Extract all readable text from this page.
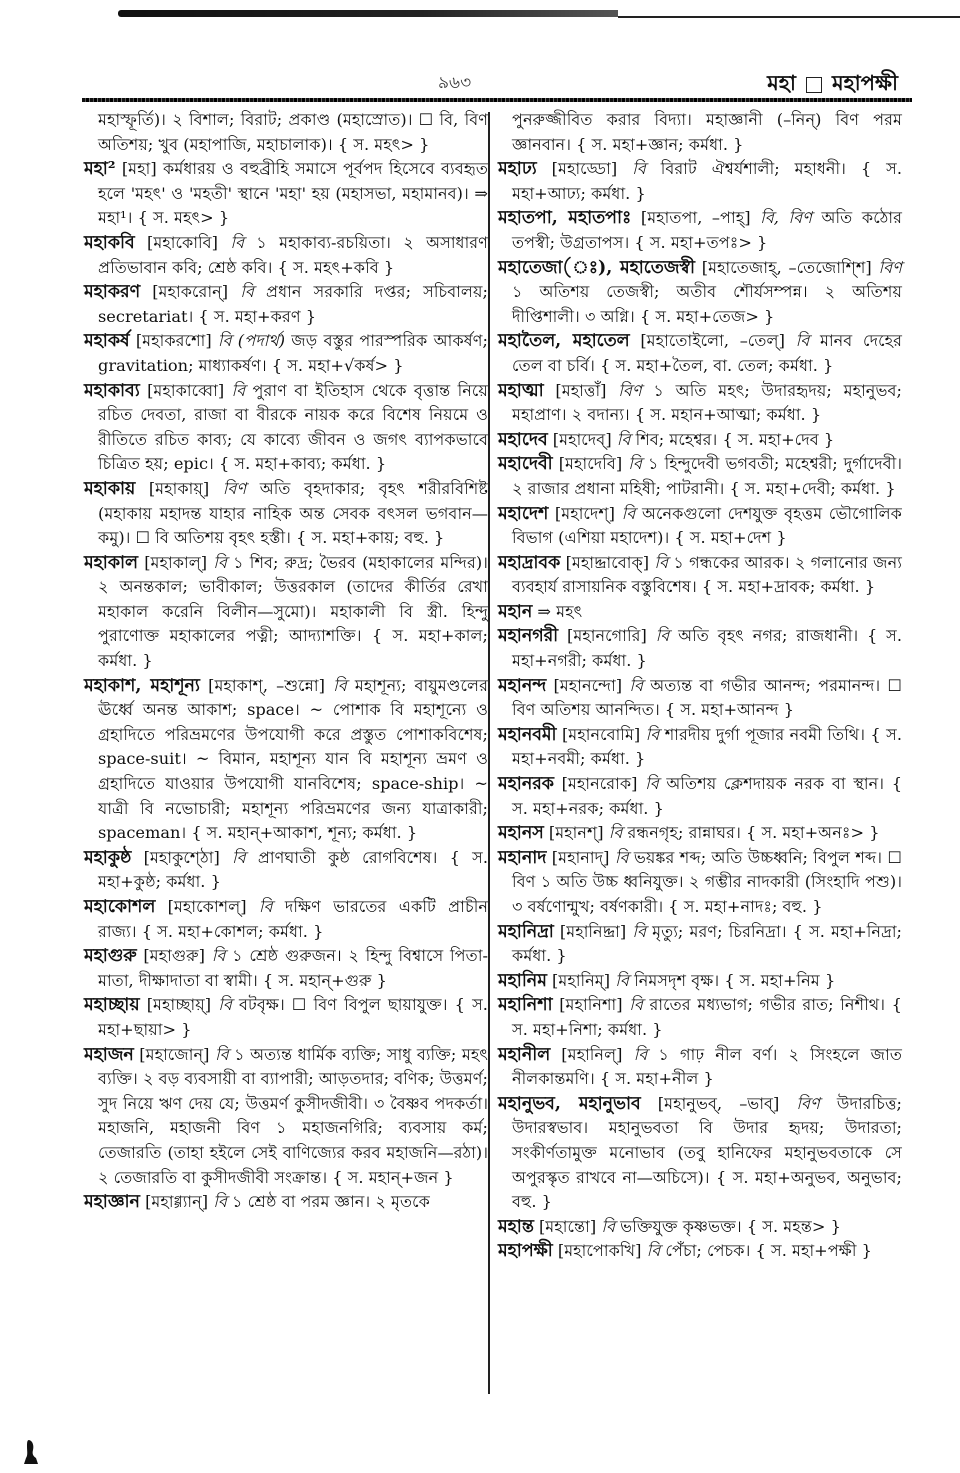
৯৬৩	মহা মহাপক্ষী

মহাস্ফূর্তি)। ২ বিশাল; বিরাট; প্রকাণ্ড (মহাস্রোত)। ☐ বি, বিণ অতিশয়; খুব (মহাপাজি, মহাচালাক)। { স. মহৎ> }

মহা² [মহা] কর্মধারয় ও বহুব্রীহি সমাসে পূর্বপদ হিসেবে ব্যবহৃত হলে 'মহৎ' ও 'মহতী' স্থানে 'মহা' হয় (মহাসভা, মহামানব)। ⇒ মহা¹। { স. মহৎ> }

মহাকবি [মহাকোবি] বি ১ মহাকাব্য-রচয়িতা। ২ অসাধারণ প্রতিভাবান কবি; শ্রেষ্ঠ কবি। { স. মহৎ+কবি }

মহাকরণ [মহাকরোন্] বি প্রধান সরকারি দপ্তর; সচিবালয়; secretariat। { স. মহা+করণ }

মহাকর্ষ [মহাকরশো] বি (পদার্থ) জড় বস্তুর পারস্পরিক আকর্ষণ; gravitation; মাধ্যাকর্ষণ। { স. মহা+√কর্ষ> }

মহাকাব্য [মহাকাব্বো] বি পুরাণ বা ইতিহাস থেকে বৃত্তান্ত নিয়ে রচিত দেবতা, রাজা বা বীরকে নায়ক করে বিশেষ নিয়মে ও রীতিতে রচিত কাব্য; যে কাব্যে জীবন ও জগৎ ব্যাপকভাবে চিত্রিত হয়; epic। { স. মহা+কাব্য; কর্মধা. }

মহাকায় [মহাকায়্] বিণ অতি বৃহদাকার; বৃহৎ শরীরবিশিষ্ট (মহাকায় মহাদন্ত যাহার নাহিক অন্ত সেবক বৎসল ভগবান—কমু)। ☐ বি অতিশয় বৃহৎ হস্তী। { স. মহা+কায়; বহু. }

মহাকাল [মহাকাল্] বি ১ শিব; রুদ্র; ভৈরব (মহাকালের মন্দির)। ২ অনন্তকাল; ভাবীকাল; উত্তরকাল (তাদের কীর্তির রেখা মহাকাল করেনি বিলীন—সুমো)। মহাকালী বি স্ত্রী. হিন্দু পুরাণোক্ত মহাকালের পত্নী; আদ্যাশক্তি। { স. মহা+কাল; কর্মধা. }

মহাকাশ, মহাশূন্য [মহাকাশ্, –শুন্নো] বি মহাশূন্য; বায়ুমণ্ডলের ঊর্ধ্বে অনন্ত আকাশ; space। ~ পোশাক বি মহাশূন্যে ও গ্রহাদিতে পরিভ্রমণের উপযোগী করে প্রস্তুত পোশাকবিশেষ; space-suit। ~ বিমান, মহাশূন্য যান বি মহাশূন্য ভ্রমণ ও গ্রহাদিতে যাওয়ার উপযোগী যানবিশেষ; space-ship। ~ যাত্রী বি নভোচারী; মহাশূন্য পরিভ্রমণের জন্য যাত্রাকারী; spaceman। { স. মহান্+আকাশ, শূন্য; কর্মধা. }

মহাকুষ্ঠ [মহাকুশ্ঠো] বি প্রাণঘাতী কুষ্ঠ রোগবিশেষ। { স. মহা+কুষ্ঠ; কর্মধা. }

মহাকোশল [মহাকোশল্] বি দক্ষিণ ভারতের একটি প্রাচীন রাজ্য। { স. মহা+কোশল; কর্মধা. }

মহাগুরু [মহাগুরু] বি ১ শ্রেষ্ঠ গুরুজন। ২ হিন্দু বিশ্বাসে পিতা-মাতা, দীক্ষাদাতা বা স্বামী। { স. মহান্+গুরু }

মহাচ্ছায় [মহাচ্ছায়্] বি বটবৃক্ষ। ☐ বিণ বিপুল ছায়াযুক্ত। { স. মহা+ছায়া> }

মহাজন [মহাজোন্] বি ১ অত্যন্ত ধার্মিক ব্যক্তি; সাধু ব্যক্তি; মহৎ ব্যক্তি। ২ বড় ব্যবসায়ী বা ব্যাপারী; আড়তদার; বণিক; উত্তমর্ণ; সুদ নিয়ে ঋণ দেয় যে; উত্তমর্ণ কুসীদজীবী। ৩ বৈষ্ণব পদকর্তা। মহাজনি, মহাজনী বিণ ১ মহাজনগিরি; ব্যবসায় কর্ম; তেজারতি (তাহা হইলে সেই বাণিজ্যের করব মহাজনি—রঠা)। ২ তেজারতি বা কুসীদজীবী সংক্রান্ত। { স. মহান্+জন }

মহাজ্ঞান [মহাগ্গ্যান্] বি ১ শ্রেষ্ঠ বা পরম জ্ঞান। ২ মৃতকে

পুনরুজ্জীবিত করার বিদ্যা। মহাজ্ঞানী (–নিন্) বিণ পরম জ্ঞানবান। { স. মহা+জ্ঞান; কর্মধা. }

মহাঢ্য [মহাড্ডো] বি বিরাট ঐশ্বর্যশালী; মহাধনী। { স. মহা+আঢ্য; কর্মধা. }

মহাতপা, মহাতপাঃ [মহাতপা, –পাহ্] বি, বিণ অতি কঠোর তপস্বী; উগ্রতাপস। { স. মহা+তপঃ> }

মহাতেজা(ঃ), মহাতেজস্বী [মহাতেজাহ্, –তেজোশ্শি] বিণ ১ অতিশয় তেজস্বী; অতীব শৌর্যসম্পন্ন। ২ অতিশয় দীপ্তিশালী। ৩ অগ্নি। { স. মহা+তেজ> }

মহাতৈল, মহাতেল [মহাতোইলো, –তেল্] বি মানব দেহের তেল বা চর্বি। { স. মহা+তৈল, বা. তেল; কর্মধা. }

মহাত্মা [মহাত্তাঁ] বিণ ১ অতি মহৎ; উদারহৃদয়; মহানুভব; মহাপ্রাণ। ২ বদান্য। { স. মহান+আত্মা; কর্মধা. }

মহাদেব [মহাদেব্] বি শিব; মহেশ্বর। { স. মহা+দেব }

মহাদেবী [মহাদেবি] বি ১ হিন্দুদেবী ভগবতী; মহেশ্বরী; দুর্গাদেবী। ২ রাজার প্রধানা মহিষী; পাটরানী। { স. মহা+দেবী; কর্মধা. }

মহাদেশ [মহাদেশ্] বি অনেকগুলো দেশযুক্ত বৃহত্তম ভৌগোলিক বিভাগ (এশিয়া মহাদেশ)। { স. মহা+দেশ }

মহাদ্রাবক [মহাদ্দ্রাবোক্] বি ১ গন্ধকের আরক। ২ গলানোর জন্য ব্যবহার্য রাসায়নিক বস্তুবিশেষ। { স. মহা+দ্রাবক; কর্মধা. }

মহান ⇒ মহৎ

মহানগরী [মহানগোরি] বি অতি বৃহৎ নগর; রাজধানী। { স. মহা+নগরী; কর্মধা. }

মহানন্দ [মহানন্দো] বি অত্যন্ত বা গভীর আনন্দ; পরমানন্দ। ☐ বিণ অতিশয় আনন্দিত। { স. মহা+আনন্দ }

মহানবমী [মহানবোমি] বি শারদীয় দুর্গা পূজার নবমী তিথি। { স. মহা+নবমী; কর্মধা. }

মহানরক [মহানরোক] বি অতিশয় ক্লেশদায়ক নরক বা স্থান। { স. মহা+নরক; কর্মধা. }

মহানস [মহানশ্] বি রন্ধনগৃহ; রান্নাঘর। { স. মহা+অনঃ> }

মহানাদ [মহানাদ্] বি ভয়ঙ্কর শব্দ; অতি উচ্চধ্বনি; বিপুল শব্দ। ☐ বিণ ১ অতি উচ্চ ধ্বনিযুক্ত। ২ গম্ভীর নাদকারী (সিংহাদি পশু)। ৩ বর্ষণোন্মুখ; বর্ষণকারী। { স. মহা+নাদঃ; বহু. }

মহানিদ্রা [মহানিদ্দ্রা] বি মৃত্যু; মরণ; চিরনিদ্রা। { স. মহা+নিদ্রা; কর্মধা. }

মহানিম [মহানিম্] বি নিমসদৃশ বৃক্ষ। { স. মহা+নিম }

মহানিশা [মহানিশা] বি রাতের মধ্যভাগ; গভীর রাত; নিশীথ। { স. মহা+নিশা; কর্মধা. }

মহানীল [মহানিল্] বি ১ গাঢ় নীল বর্ণ। ২ সিংহলে জাত নীলকান্তমণি। { স. মহা+নীল }

মহানুভব, মহানুভাব [মহানুভব্, –ভাব্] বিণ উদারচিত্ত; উদারস্বভাব। মহানুভবতা বি উদার হৃদয়; উদারতা; সংকীর্ণতামুক্ত মনোভাব (তবু হানিফের মহানুভবতাকে সে অপুরস্কৃত রাখবে না—অচিসে)। { স. মহা+অনুভব, অনুভাব; বহু. }

মহান্ত [মহান্তো] বি ভক্তিযুক্ত কৃষ্ণভক্ত। { স. মহন্ত> }

মহাপক্ষী [মহাপোকখি] বি পেঁচা; পেচক। { স. মহা+পক্ষী }
